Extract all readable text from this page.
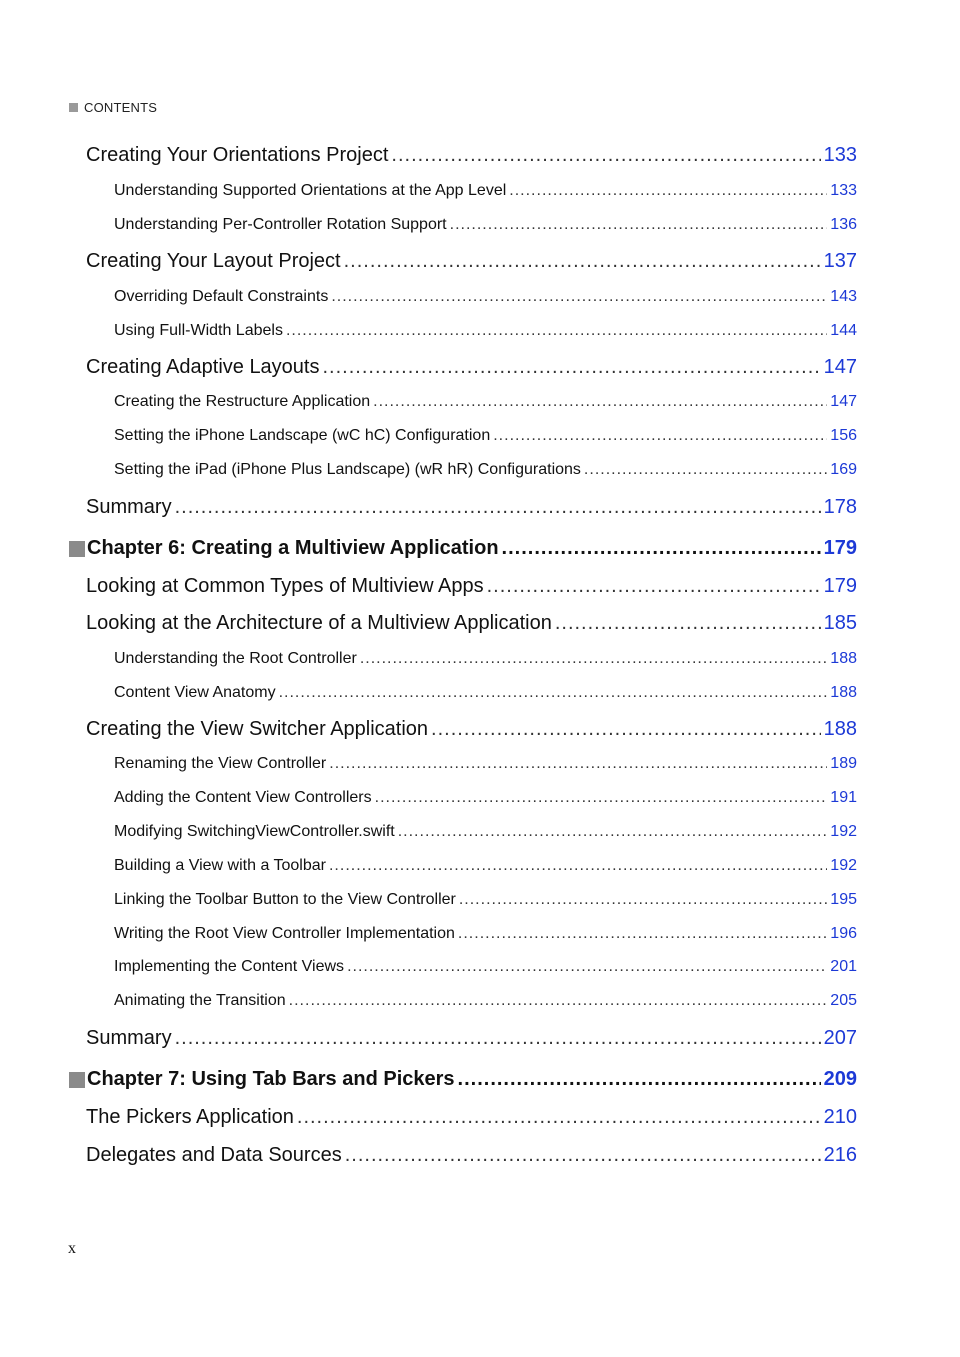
CONTENTS
Creating Your Orientations Project .....	133
Understanding Supported Orientations at the App Level .....	133
Understanding Per-Controller Rotation Support .....	136
Creating Your Layout Project .....	137
Overriding Default Constraints .....	143
Using Full-Width Labels .....	144
Creating Adaptive Layouts .....	147
Creating the Restructure Application .....	147
Setting the iPhone Landscape (wC hC) Configuration .....	156
Setting the iPad (iPhone Plus Landscape) (wR hR) Configurations .....	169
Summary .....	178
Chapter 6: Creating a Multiview Application .....	179
Looking at Common Types of Multiview Apps .....	179
Looking at the Architecture of a Multiview Application .....	185
Understanding the Root Controller .....	188
Content View Anatomy .....	188
Creating the View Switcher Application .....	188
Renaming the View Controller .....	189
Adding the Content View Controllers .....	191
Modifying SwitchingViewController.swift .....	192
Building a View with a Toolbar .....	192
Linking the Toolbar Button to the View Controller .....	195
Writing the Root View Controller Implementation .....	196
Implementing the Content Views .....	201
Animating the Transition .....	205
Summary .....	207
Chapter 7: Using Tab Bars and Pickers .....	209
The Pickers Application .....	210
Delegates and Data Sources .....	216
x
